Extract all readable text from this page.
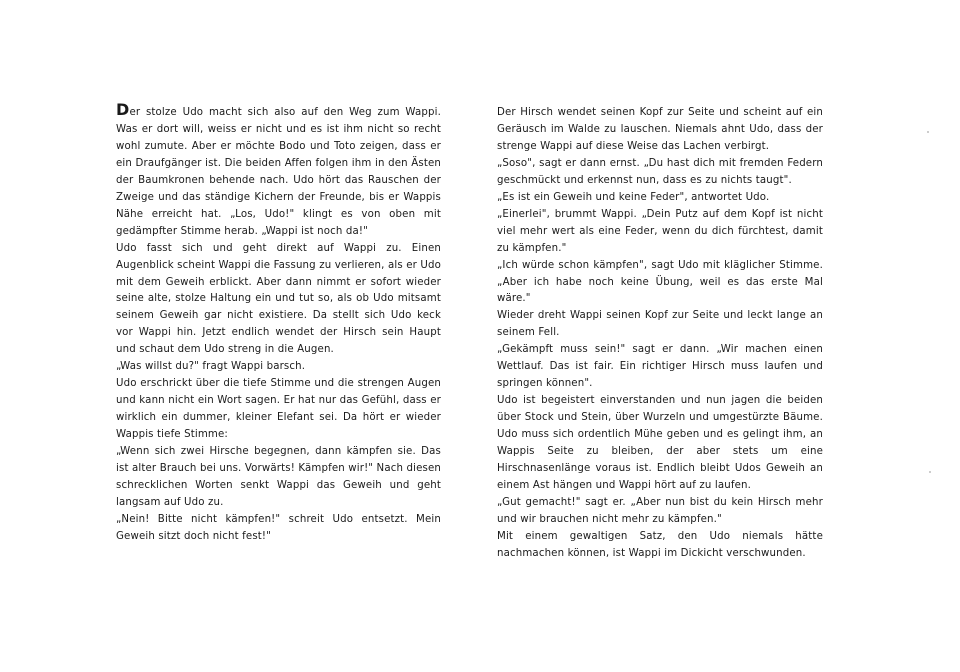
Der stolze Udo macht sich also auf den Weg zum Wappi. Was er dort will, weiss er nicht und es ist ihm nicht so recht wohl zumute. Aber er möchte Bodo und Toto zeigen, dass er ein Draufgänger ist. Die beiden Affen folgen ihm in den Ästen der Baumkronen behende nach. Udo hört das Rauschen der Zweige und das ständige Kichern der Freunde, bis er Wappis Nähe erreicht hat. „Los, Udo!" klingt es von oben mit gedämpfter Stimme herab. „Wappi ist noch da!"

Udo fasst sich und geht direkt auf Wappi zu. Einen Augenblick scheint Wappi die Fassung zu verlieren, als er Udo mit dem Geweih erblickt. Aber dann nimmt er sofort wieder seine alte, stolze Haltung ein und tut so, als ob Udo mitsamt seinem Geweih gar nicht existiere. Da stellt sich Udo keck vor Wappi hin. Jetzt endlich wendet der Hirsch sein Haupt und schaut dem Udo streng in die Augen.

„Was willst du?" fragt Wappi barsch.

Udo erschrickt über die tiefe Stimme und die strengen Augen und kann nicht ein Wort sagen. Er hat nur das Gefühl, dass er wirklich ein dummer, kleiner Elefant sei. Da hört er wieder Wappis tiefe Stimme:

„Wenn sich zwei Hirsche begegnen, dann kämpfen sie. Das ist alter Brauch bei uns. Vorwärts! Kämpfen wir!" Nach diesen schrecklichen Worten senkt Wappi das Geweih und geht langsam auf Udo zu.

„Nein! Bitte nicht kämpfen!" schreit Udo entsetzt. Mein Geweih sitzt doch nicht fest!"

Der Hirsch wendet seinen Kopf zur Seite und scheint auf ein Geräusch im Walde zu lauschen. Niemals ahnt Udo, dass der strenge Wappi auf diese Weise das Lachen verbirgt.

„Soso", sagt er dann ernst. „Du hast dich mit fremden Federn geschmückt und erkennst nun, dass es zu nichts taugt".

„Es ist ein Geweih und keine Feder", antwortet Udo.

„Einerlei", brummt Wappi. „Dein Putz auf dem Kopf ist nicht viel mehr wert als eine Feder, wenn du dich fürchtest, damit zu kämpfen."

„Ich würde schon kämpfen", sagt Udo mit kläglicher Stimme. „Aber ich habe noch keine Übung, weil es das erste Mal wäre."

Wieder dreht Wappi seinen Kopf zur Seite und leckt lange an seinem Fell.

„Gekämpft muss sein!" sagt er dann. „Wir machen einen Wettlauf. Das ist fair. Ein richtiger Hirsch muss laufen und springen können".

Udo ist begeistert einverstanden und nun jagen die beiden über Stock und Stein, über Wurzeln und umgestürzte Bäume. Udo muss sich ordentlich Mühe geben und es gelingt ihm, an Wappis Seite zu bleiben, der aber stets um eine Hirschnasenlänge voraus ist. Endlich bleibt Udos Geweih an einem Ast hängen und Wappi hört auf zu laufen.

„Gut gemacht!" sagt er. „Aber nun bist du kein Hirsch mehr und wir brauchen nicht mehr zu kämpfen."

Mit einem gewaltigen Satz, den Udo niemals hätte nachmachen können, ist Wappi im Dickicht verschwunden.
